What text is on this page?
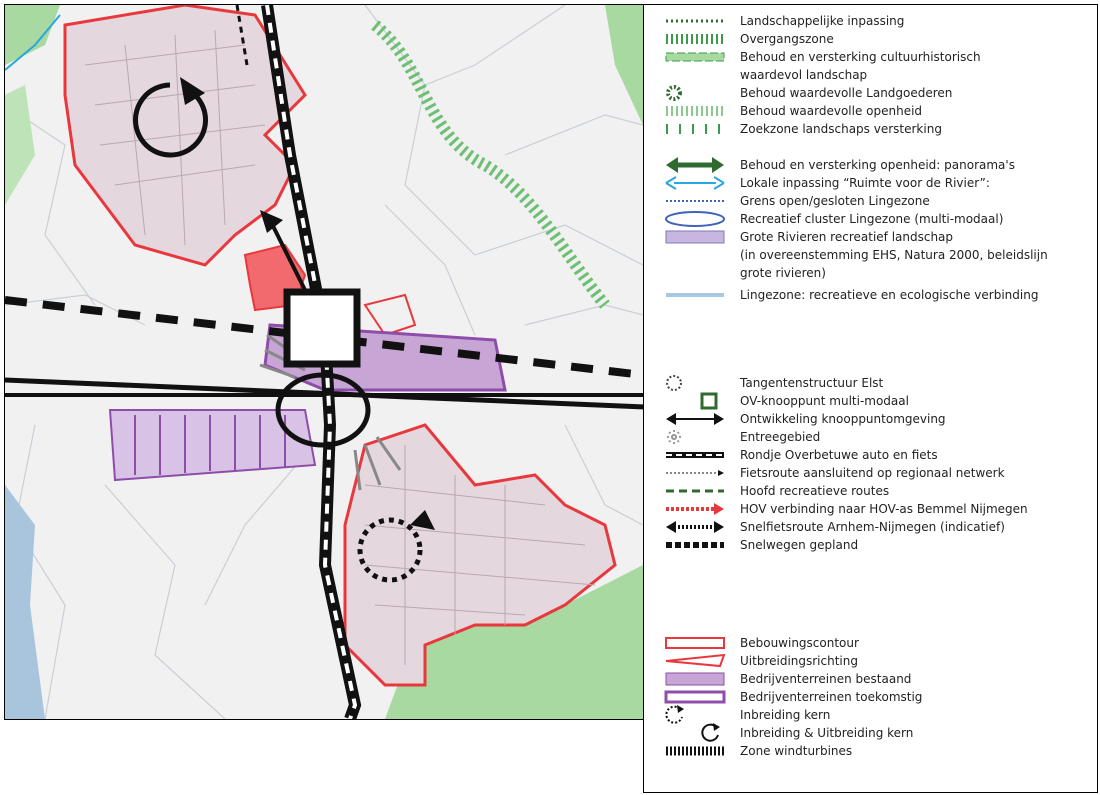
Landschappelijke inpassing
Overgangszone
Behoud en versterking cultuurhistorisch
waardevol landschap
Behoud waardevolle Landgoederen
Behoud waardevolle openheid
Zoekzone landschaps versterking
Behoud en versterking openheid: panorama's
Lokale inpassing “Ruimte voor de Rivier”:
Grens open/gesloten Lingezone
Recreatief cluster Lingezone (multi-modaal)
Grote Rivieren recreatief landschap
(in overeenstemming EHS, Natura 2000, beleidslijn
grote rivieren)
Lingezone: recreatieve en ecologische verbinding
Tangentenstructuur Elst
OV-knooppunt multi-modaal
Ontwikkeling knooppuntomgeving
Entreegebied
Rondje Overbetuwe auto en fiets
Fietsroute aansluitend op regionaal netwerk
Hoofd recreatieve routes
HOV verbinding naar HOV-as Bemmel Nijmegen
Snelfietsroute Arnhem-Nijmegen (indicatief)
Snelwegen gepland
Bebouwingscontour
Uitbreidingsrichting
Bedrijventerreinen bestaand
Bedrijventerreinen toekomstig
Inbreiding kern
Inbreiding & Uitbreiding kern
Zone windturbines
